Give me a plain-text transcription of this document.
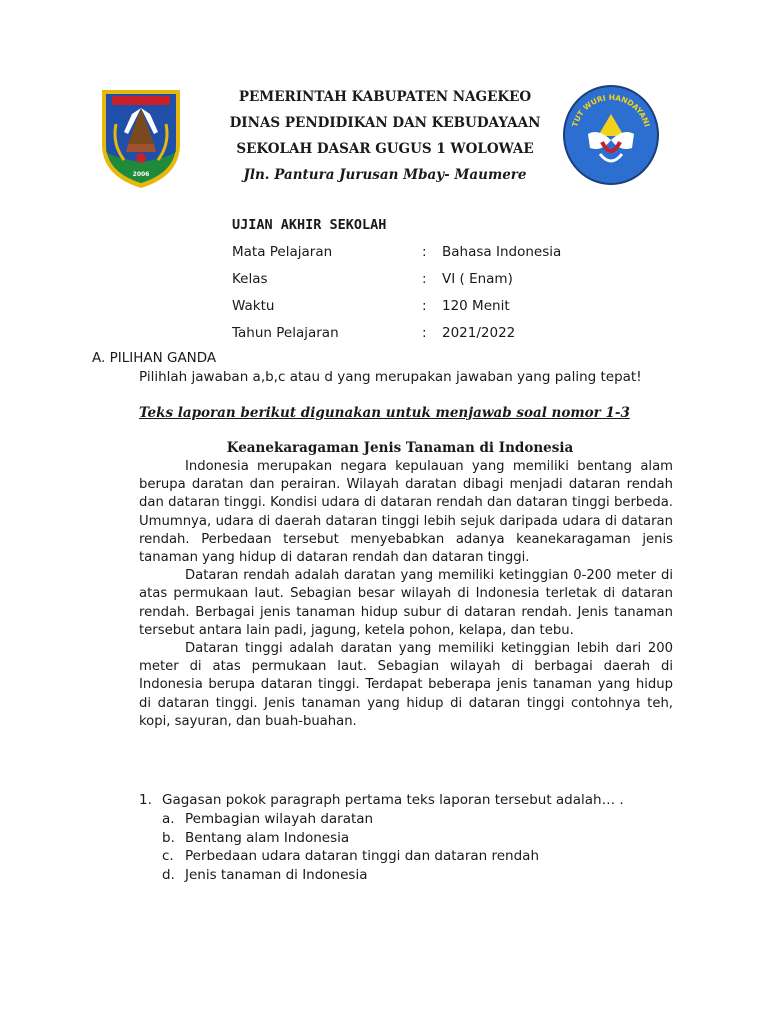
2006
TUT WURI HANDAYANI
PEMERINTAH KABUPATEN NAGEKEO
DINAS PENDIDIKAN DAN KEBUDAYAAN
SEKOLAH DASAR GUGUS 1 WOLOWAE
Jln. Pantura Jurusan Mbay- Maumere
UJIAN AKHIR SEKOLAH
Mata Pelajaran	:	Bahasa Indonesia
Kelas	:	VI ( Enam)
Waktu	:	120 Menit
Tahun Pelajaran	:	2021/2022
A. PILIHAN GANDA
Pilihlah jawaban a,b,c atau d yang merupakan jawaban yang paling tepat!
Teks laporan berikut digunakan untuk menjawab soal nomor 1-3
Keanekaragaman Jenis Tanaman di Indonesia

Indonesia merupakan negara kepulauan yang memiliki bentang alam berupa daratan dan perairan. Wilayah daratan dibagi menjadi dataran rendah dan dataran tinggi. Kondisi udara di dataran rendah dan dataran tinggi berbeda. Umumnya, udara di daerah dataran tinggi lebih sejuk daripada udara di dataran rendah. Perbedaan tersebut menyebabkan adanya keanekaragaman jenis tanaman yang hidup di dataran rendah dan dataran tinggi.

Dataran rendah adalah daratan yang memiliki ketinggian 0-200 meter di atas permukaan laut. Sebagian besar wilayah di Indonesia terletak di dataran rendah. Berbagai jenis tanaman hidup subur di dataran rendah. Jenis tanaman tersebut antara lain padi, jagung, ketela pohon, kelapa, dan tebu.

Dataran tinggi adalah daratan yang memiliki ketinggian lebih dari 200 meter di atas permukaan laut. Sebagian wilayah di berbagai daerah di Indonesia berupa dataran tinggi. Terdapat beberapa jenis tanaman yang hidup di dataran tinggi. Jenis tanaman yang hidup di dataran tinggi contohnya teh, kopi, sayuran, dan buah-buahan.

1. Gagasan pokok paragraph pertama teks laporan tersebut adalah… .
a. Pembagian wilayah daratan
b. Bentang alam Indonesia
c. Perbedaan udara dataran tinggi dan dataran rendah
d. Jenis tanaman di Indonesia
